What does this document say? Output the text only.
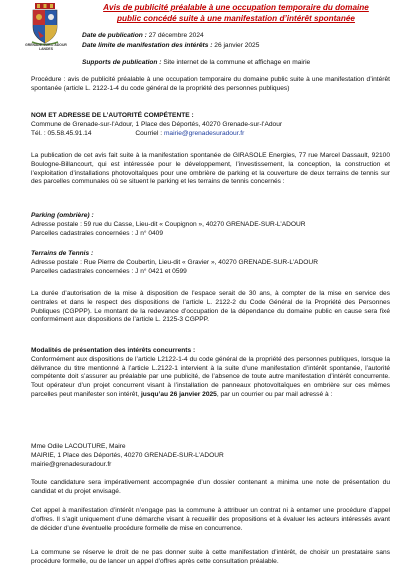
GRENADE-SUR-L'ADOUR
LANDES
Avis de publicité préalable à une occupation temporaire du domaine
public concédé suite à une manifestation d’intérêt spontanée
Date de publication : 27 décembre 2024
Date limite de manifestation des intérêts : 26 janvier 2025
Supports de publication : Site internet de la commune et affichage en mairie

Procédure : avis de publicité préalable à une occupation temporaire du domaine public suite à une manifestation d’intérêt spontanée (article L. 2122-1-4 du code général de la propriété des personnes publiques)

NOM ET ADRESSE DE L’AUTORITÉ COMPÉTENTE :
Commune de Grenade-sur-l’Adour, 1 Place des Déportés, 40270 Grenade-sur-l’Adour
Tél. : 05.58.45.91.14	Courriel : mairie@grenadesuradour.fr

La publication de cet avis fait suite à la manifestation spontanée de GIRASOLE Energies, 77 rue Marcel Dassault, 92100 Boulogne-Billancourt, qui est intéressée pour le développement, l’investissement, la conception, la construction et l’exploitation d’installations photovoltaïques pour une ombrière de parking et la couverture de deux terrains de tennis sur des parcelles communales où se situent le parking et les terrains de tennis concernés :

Parking (ombrière) :
Adresse postale : 59 rue du Casse, Lieu-dit « Coupignon », 40270 GRENADE-SUR-L’ADOUR
Parcelles cadastrales concernées : J n° 0409
Terrains de Tennis :
Adresse postale : Rue Pierre de Coubertin, Lieu-dit « Gravier », 40270 GRENADE-SUR-L’ADOUR
Parcelles cadastrales concernées : J n° 0421 et 0599

La durée d’autorisation de la mise à disposition de l’espace serait de 30 ans, à compter de la mise en service des centrales et dans le respect des dispositions de l’article L. 2122-2 du Code Général de la Propriété des Personnes Publiques (CGPPP). Le montant de la redevance d’occupation de la dépendance du domaine public en cause sera fixé conformément aux dispositions de l’article L. 2125-3 CGPPP.

Modalités de présentation des intérêts concurrents :

Conformément aux dispositions de l’article L2122-1-4 du code général de la propriété des personnes publiques, lorsque la délivrance du titre mentionné à l’article L.2122-1 intervient à la suite d’une manifestation d’intérêt spontanée, l’autorité compétente doit s’assurer au préalable par une publicité, de l’absence de toute autre manifestation d’intérêt concurrente. Tout opérateur d’un projet concurrent visant à l’installation de panneaux photovoltaïques en ombrière sur ces mêmes parcelles peut manifester son intérêt, jusqu’au 26 janvier 2025, par un courrier ou par mail adressé à :

Mme Odile LACOUTURE, Maire
MAIRIE, 1 Place des Déportés, 40270 GRENADE-SUR-L’ADOUR
mairie@grenadesuradour.fr

Toute candidature sera impérativement accompagnée d’un dossier contenant a minima une note de présentation du candidat et du projet envisagé.

Cet appel à manifestation d’intérêt n’engage pas la commune à attribuer un contrat ni à entamer une procédure d’appel d’offres. Il s’agit uniquement d’une démarche visant à recueillir des propositions et à évaluer les acteurs intéressés avant de décider d’une éventuelle procédure formelle de mise en concurrence.

La commune se réserve le droit de ne pas donner suite à cette manifestation d’intérêt, de choisir un prestataire sans procédure formelle, ou de lancer un appel d’offres après cette consultation préalable.
